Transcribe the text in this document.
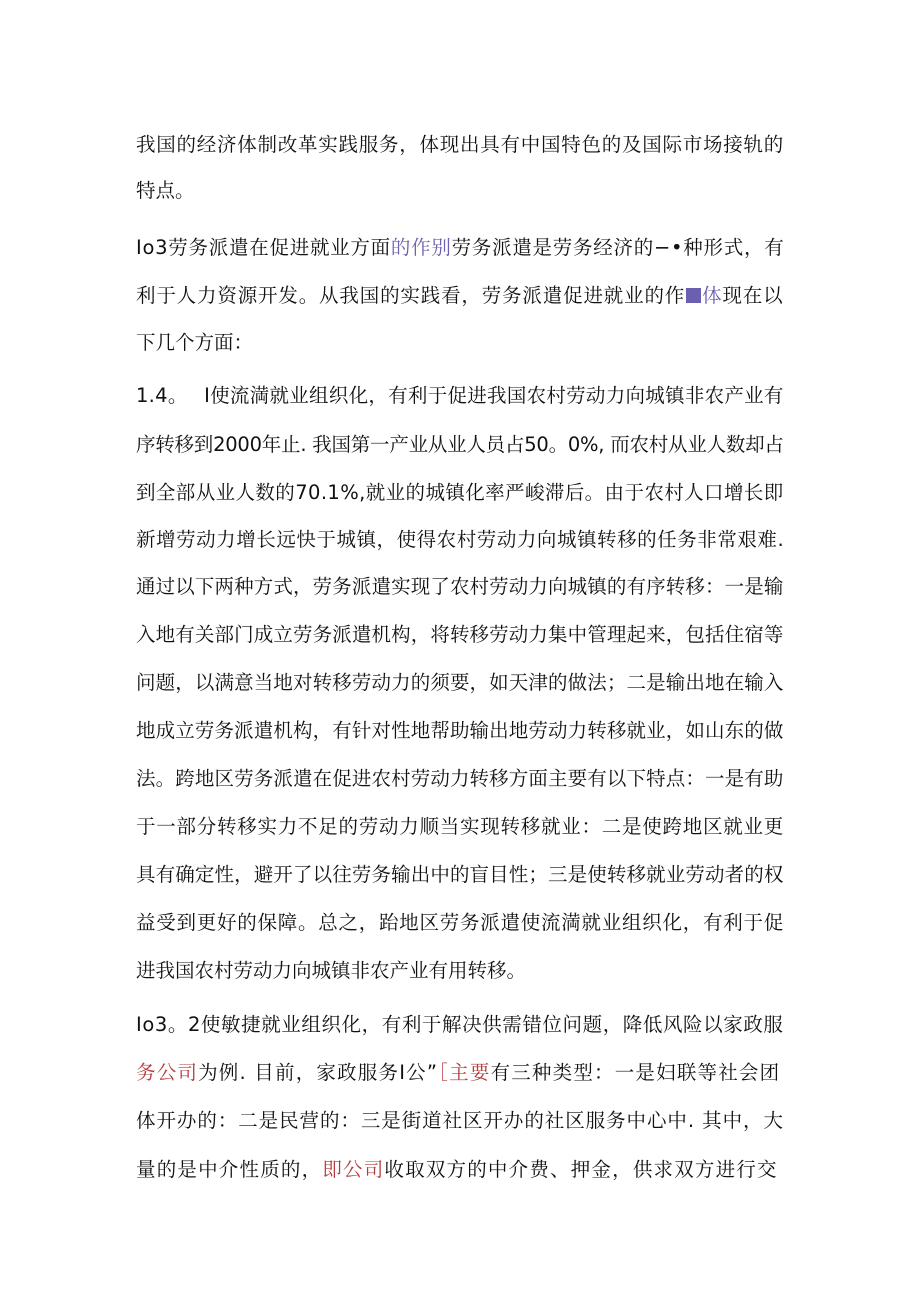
我国的经济体制改革实践服务，体现出具有中国特色的及国际市场接轨的
特点。
Io3劳务派遣在促进就业方面的作别劳务派遣是劳务经济的−•种形式，有
利于人力资源开发。从我国的实践看，劳务派遣促进就业的作 体现在以
下几个方面：
1.4。　 I使流満就业组织化，有利于促进我国农村劳动力向城镇非农产业有
序转移到2000年止. 我国第一产业从业人员占50。0%, 而农村从业人数却占
到全部从业人数的70.1%,就业的城镇化率严峻滞后。由于农村人口增长即
新增劳动力增长远快于城镇，使得农村劳动力向城镇转移的任务非常艰难.
通过以下两种方式，劳务派遣实现了农村劳动力向城镇的有序转移：一是输
入地有关部门成立劳务派遣机构，将转移劳动力集中管理起来，包括住宿等
问题，以满意当地对转移劳动力的须要，如天津的做法；二是输出地在输入
地成立劳务派遣机构，有针对性地帮助输出地劳动力转移就业，如山东的做
法。跨地区劳务派遣在促进农村劳动力转移方面主要有以下特点：一是有助
于一部分转移实力不足的劳动力顺当实现转移就业：二是使跨地区就业更
具有确定性，避开了以往劳务输出中的盲目性；三是使转移就业劳动者的权
益受到更好的保障。总之，跆地区劳务派遣使流満就业组织化，有利于促
进我国农村劳动力向城镇非农产业有用转移。
Io3。2使敏捷就业组织化，有利于解决供需错位问题，降低风险以家政服
务公司为例. 目前，家政服务I公”［主要有三种类型：一是妇联等社会团
体开办的：二是民营的：三是街道社区开办的社区服务中心中. 其中，大
量的是中介性质的，即公司收取双方的中介费、押金，供求双方进行交
